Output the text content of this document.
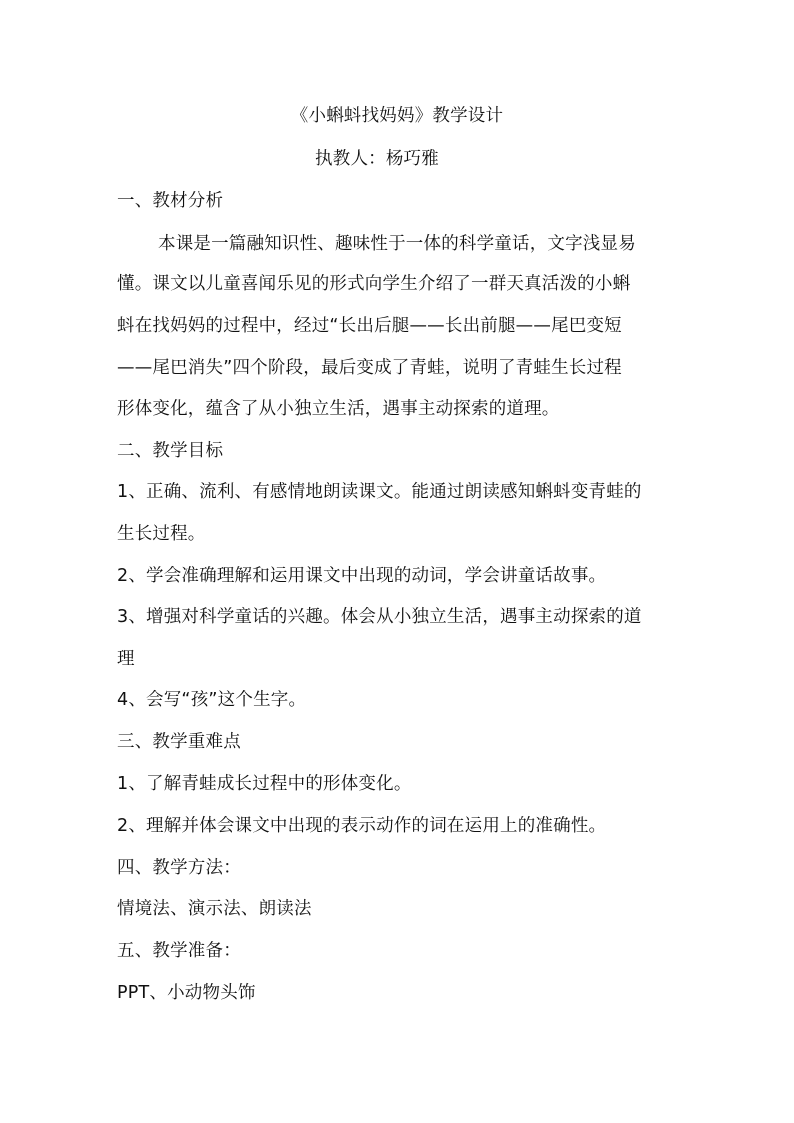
《小蝌蚪找妈妈》教学设计
执教人：杨巧雅
一、教材分析
本课是一篇融知识性、趣味性于一体的科学童话，文字浅显易
懂。课文以儿童喜闻乐见的形式向学生介绍了一群天真活泼的小蝌
蚪在找妈妈的过程中，经过“长出后腿——长出前腿——尾巴变短
——尾巴消失”四个阶段，最后变成了青蛙，说明了青蛙生长过程
形体变化，蕴含了从小独立生活，遇事主动探索的道理。
二、教学目标
1、正确、流利、有感情地朗读课文。能通过朗读感知蝌蚪变青蛙的
生长过程。
2、学会准确理解和运用课文中出现的动词，学会讲童话故事。
3、增强对科学童话的兴趣。体会从小独立生活，遇事主动探索的道
理
4、会写“孩”这个生字。
三、教学重难点
1、了解青蛙成长过程中的形体变化。
2、理解并体会课文中出现的表示动作的词在运用上的准确性。
四、教学方法：
情境法、演示法、朗读法
五、教学准备：
PPT、小动物头饰
